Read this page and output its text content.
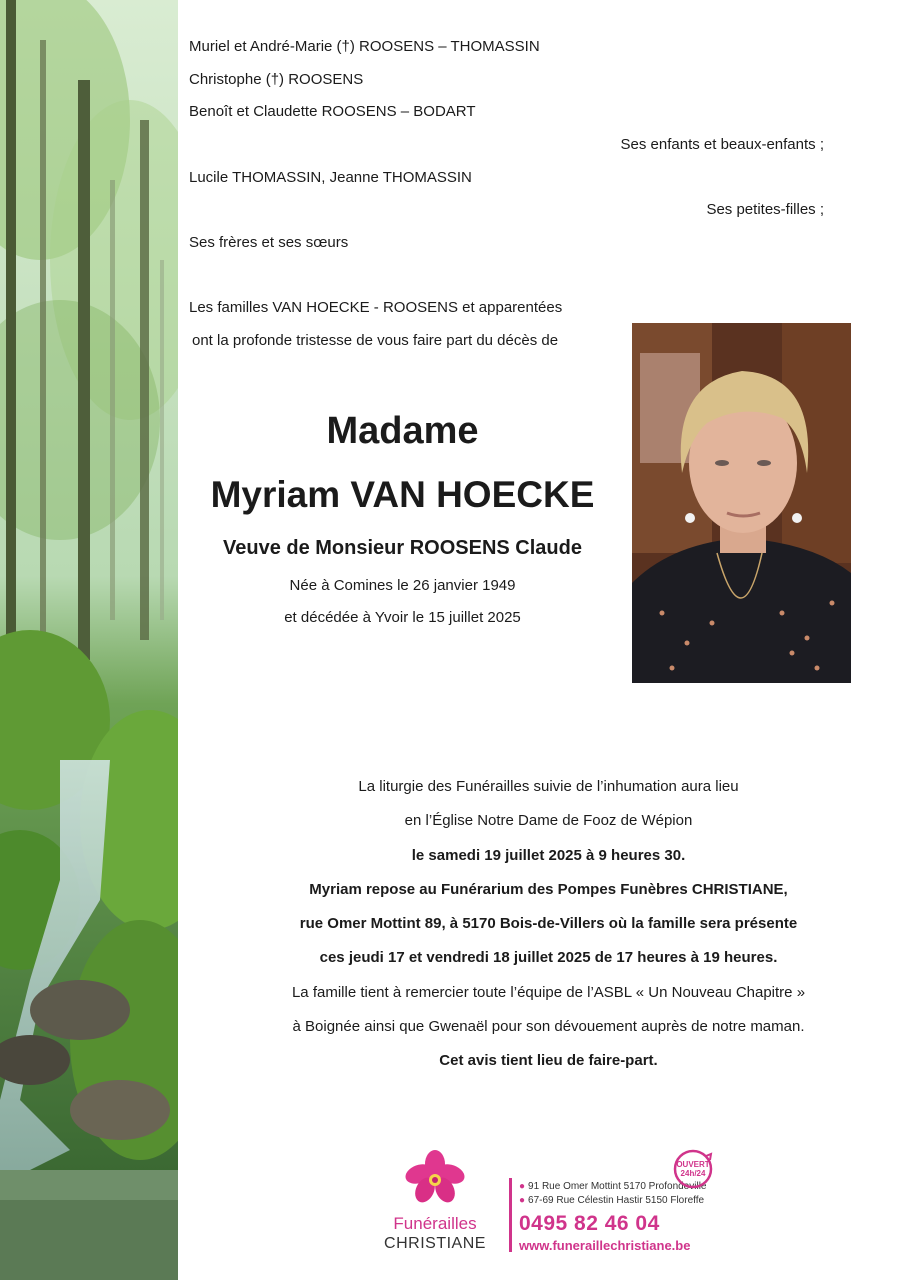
Muriel et André-Marie (†) ROOSENS – THOMASSIN
Christophe (†) ROOSENS
Benoît et Claudette ROOSENS – BODART
Ses enfants et beaux-enfants ;
Lucile THOMASSIN, Jeanne THOMASSIN
Ses petites-filles ;
Ses frères et ses sœurs
Les familles VAN HOECKE - ROOSENS et apparentées
ont la profonde tristesse de vous faire part du décès de
Madame
Myriam VAN HOECKE
Veuve de Monsieur ROOSENS Claude
Née à Comines le 26 janvier 1949
et décédée à Yvoir le 15 juillet 2025
La liturgie des Funérailles suivie de l’inhumation aura lieu
en l’Église Notre Dame de Fooz de Wépion
le samedi 19 juillet 2025 à 9 heures 30.
Myriam repose au Funérarium des Pompes Funèbres CHRISTIANE,
rue Omer Mottint 89, à 5170 Bois-de-Villers où la famille sera présente
ces jeudi 17 et vendredi 18 juillet 2025 de 17 heures à 19 heures.
La famille tient à remercier toute l’équipe de l’ASBL « Un Nouveau Chapitre »
à Boignée ainsi que Gwenaël pour son dévouement auprès de notre maman.
Cet avis tient lieu de faire-part.
Funérailles
CHRISTIANE
● 91 Rue Omer Mottint 5170 Profondeville
● 67-69 Rue Célestin Hastir 5150 Floreffe
0495 82 46 04
www.funeraillechristiane.be
OUVERT
24h/24
